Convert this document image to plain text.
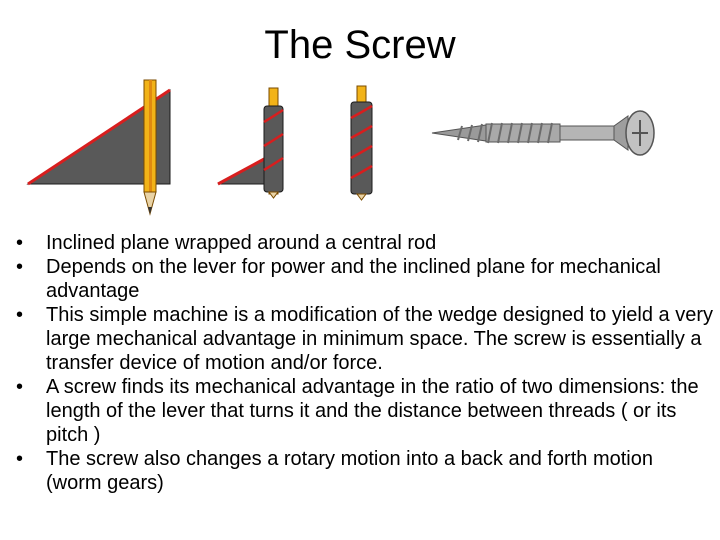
The Screw
•	Inclined plane wrapped around a central rod
•	Depends on the lever for power and the inclined plane for mechanical advantage
•	This simple machine is a modification of the wedge designed to yield a very large mechanical advantage in minimum space. The screw is essentially a transfer device of motion and/or force.
•	A screw finds its mechanical advantage in the ratio of two dimensions: the length of the lever that turns it and the distance between threads ( or its pitch )
•	The screw also changes a rotary motion into a back and forth motion (worm gears)
